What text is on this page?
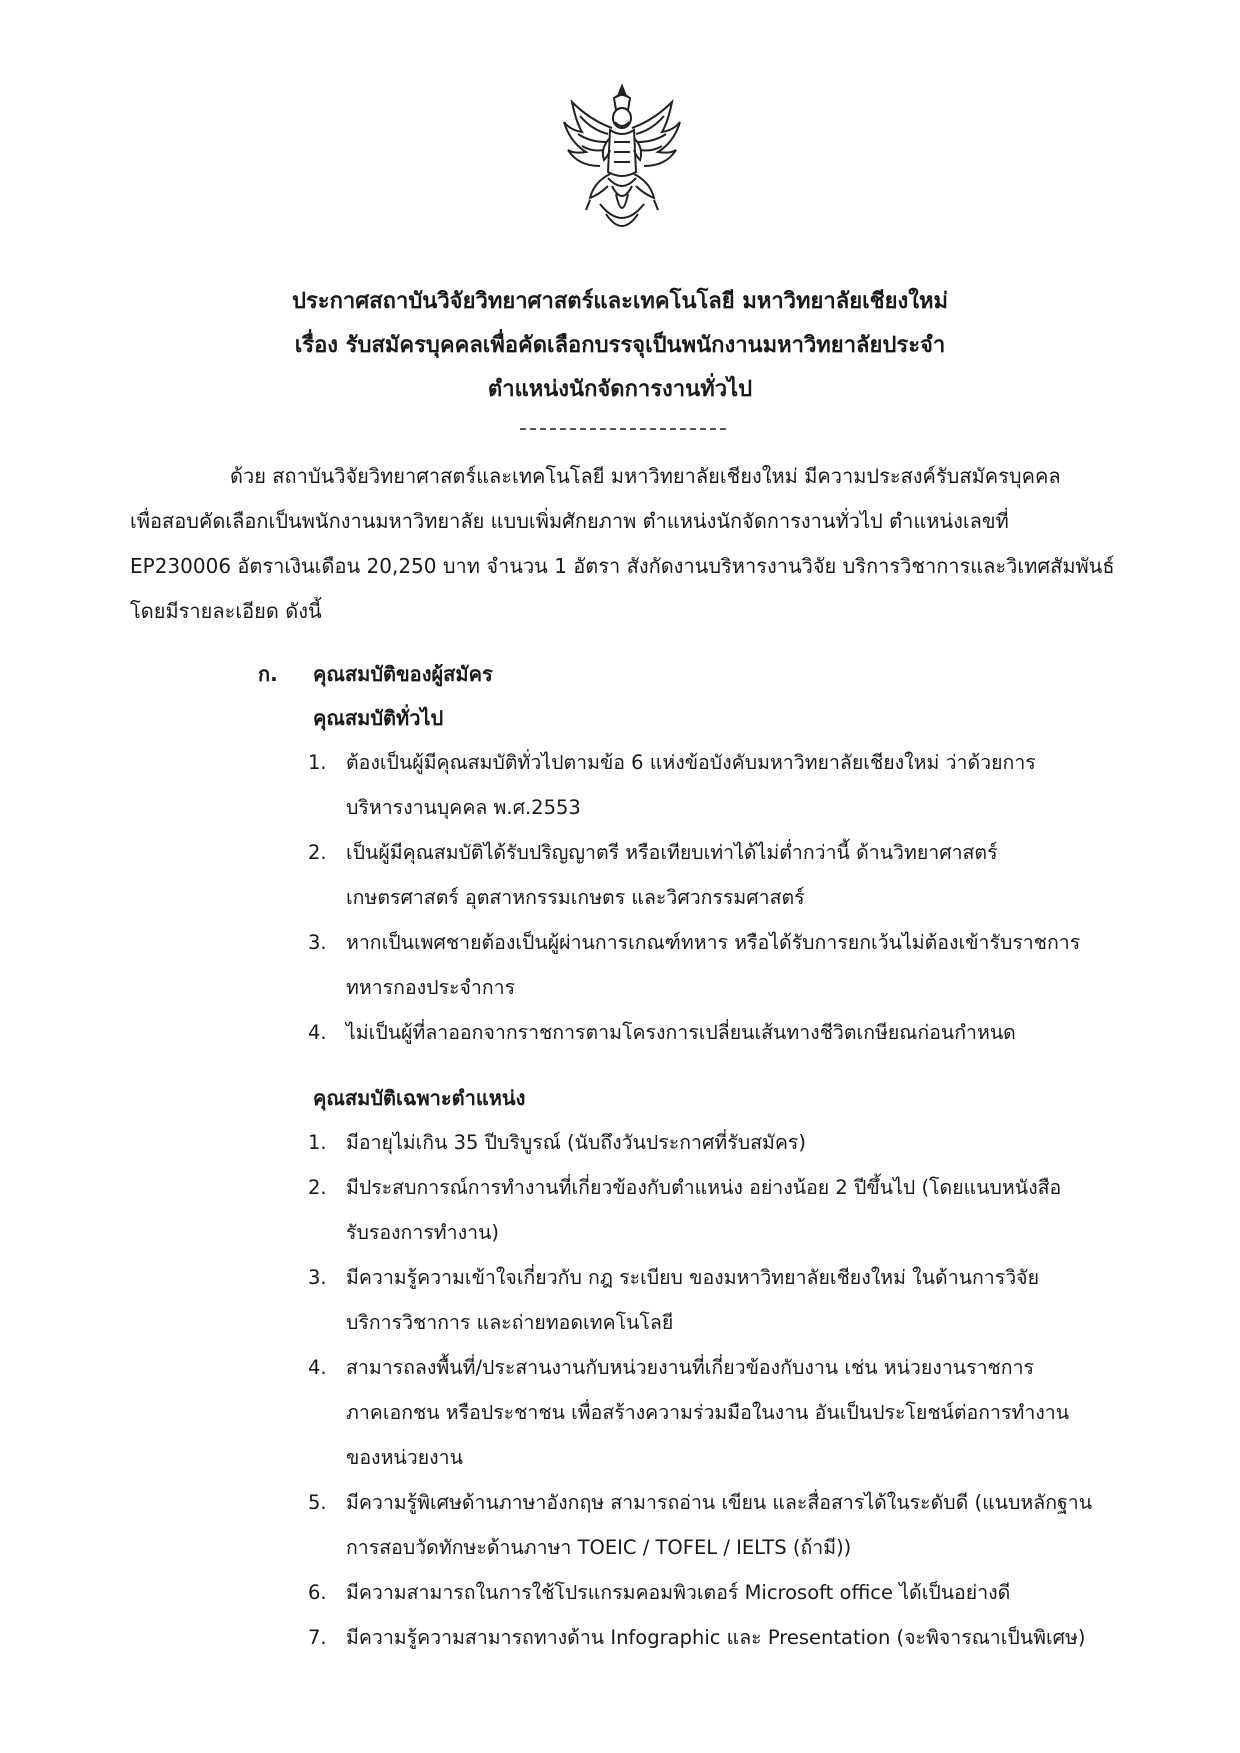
ประกาศสถาบันวิจัยวิทยาศาสตร์และเทคโนโลยี มหาวิทยาลัยเชียงใหม่
เรื่อง รับสมัครบุคคลเพื่อคัดเลือกบรรจุเป็นพนักงานมหาวิทยาลัยประจำ
ตำแหน่งนักจัดการงานทั่วไป
ด้วย สถาบันวิจัยวิทยาศาสตร์และเทคโนโลยี มหาวิทยาลัยเชียงใหม่ มีความประสงค์รับสมัครบุคคล
เพื่อสอบคัดเลือกเป็นพนักงานมหาวิทยาลัย แบบเพิ่มศักยภาพ ตำแหน่งนักจัดการงานทั่วไป ตำแหน่งเลขที่
EP230006 อัตราเงินเดือน 20,250 บาท จำนวน 1 อัตรา สังกัดงานบริหารงานวิจัย บริการวิชาการและวิเทศสัมพันธ์
โดยมีรายละเอียด ดังนี้
ก. คุณสมบัติของผู้สมัคร
คุณสมบัติทั่วไป
1. ต้องเป็นผู้มีคุณสมบัติทั่วไปตามข้อ 6 แห่งข้อบังคับมหาวิทยาลัยเชียงใหม่ ว่าด้วยการ
บริหารงานบุคคล พ.ศ.2553
2. เป็นผู้มีคุณสมบัติได้รับปริญญาตรี หรือเทียบเท่าได้ไม่ต่ำกว่านี้ ด้านวิทยาศาสตร์
เกษตรศาสตร์ อุตสาหกรรมเกษตร และวิศวกรรมศาสตร์
3. หากเป็นเพศชายต้องเป็นผู้ผ่านการเกณฑ์ทหาร หรือได้รับการยกเว้นไม่ต้องเข้ารับราชการ
ทหารกองประจำการ
4. ไม่เป็นผู้ที่ลาออกจากราชการตามโครงการเปลี่ยนเส้นทางชีวิตเกษียณก่อนกำหนด
คุณสมบัติเฉพาะตำแหน่ง
1. มีอายุไม่เกิน 35 ปีบริบูรณ์ (นับถึงวันประกาศที่รับสมัคร)
2. มีประสบการณ์การทำงานที่เกี่ยวข้องกับตำแหน่ง อย่างน้อย 2 ปีขึ้นไป (โดยแนบหนังสือ
รับรองการทำงาน)
3. มีความรู้ความเข้าใจเกี่ยวกับ กฎ ระเบียบ ของมหาวิทยาลัยเชียงใหม่ ในด้านการวิจัย
บริการวิชาการ และถ่ายทอดเทคโนโลยี
4. สามารถลงพื้นที่/ประสานงานกับหน่วยงานที่เกี่ยวข้องกับงาน เช่น หน่วยงานราชการ
ภาคเอกชน หรือประชาชน เพื่อสร้างความร่วมมือในงาน อันเป็นประโยชน์ต่อการทำงาน
ของหน่วยงาน
5. มีความรู้พิเศษด้านภาษาอังกฤษ สามารถอ่าน เขียน และสื่อสารได้ในระดับดี (แนบหลักฐาน
การสอบวัดทักษะด้านภาษา TOEIC / TOFEL / IELTS (ถ้ามี))
6. มีความสามารถในการใช้โปรแกรมคอมพิวเตอร์ Microsoft office ได้เป็นอย่างดี
7. มีความรู้ความสามารถทางด้าน Infographic และ Presentation (จะพิจารณาเป็นพิเศษ)
